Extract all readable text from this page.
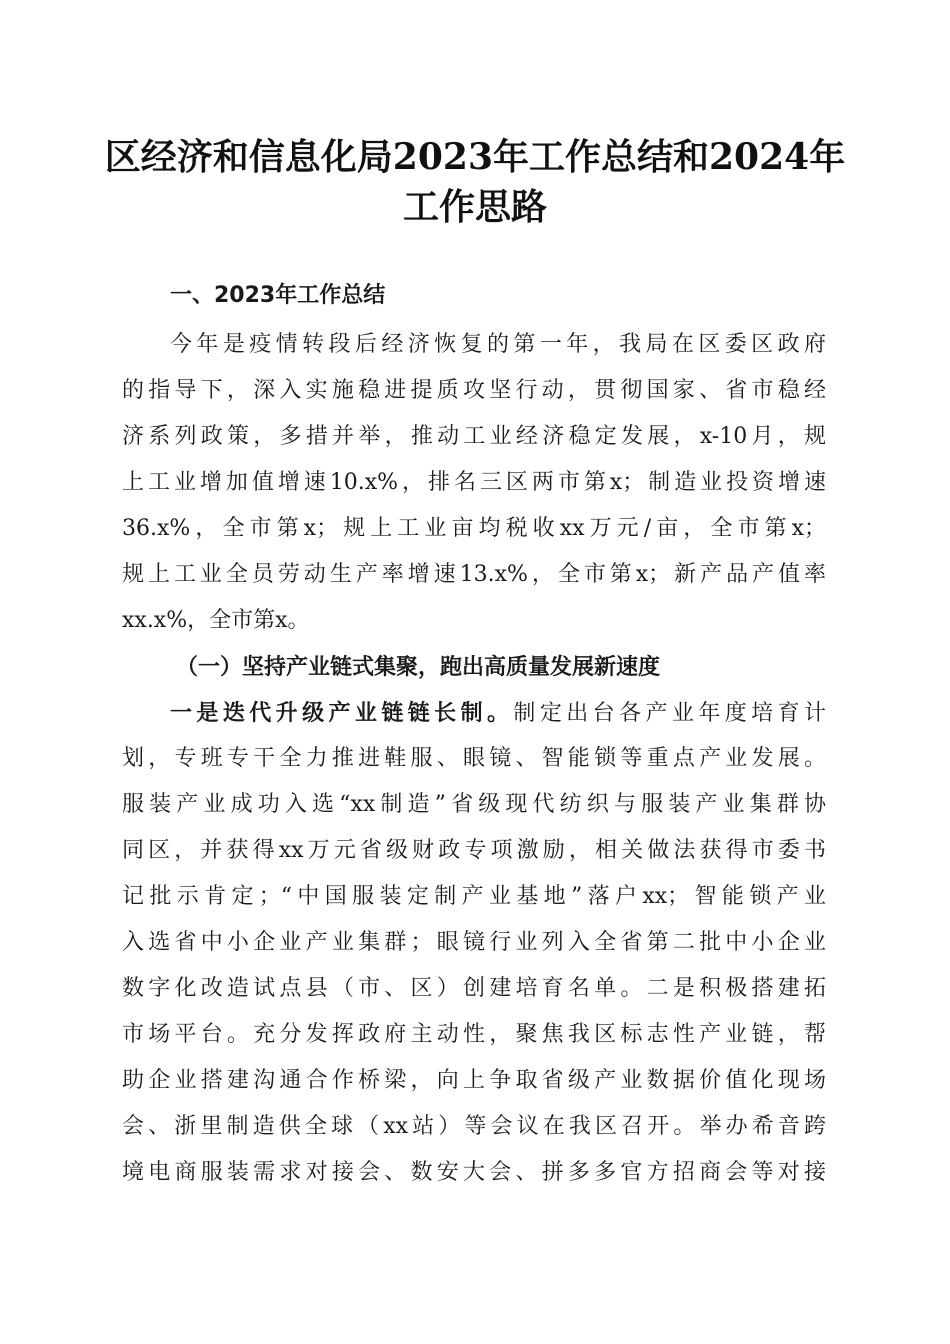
区经济和信息化局2023年工作总结和2024年
工作思路
一、2023年工作总结
今年是疫情转段后经济恢复的第一年，我局在区委区政府
的指导下，深入实施稳进提质攻坚行动，贯彻国家、省市稳经
济系列政策，多措并举，推动工业经济稳定发展，x-10月，规
上工业增加值增速10.x%，排名三区两市第x；制造业投资增速
36.x%，全市第x；规上工业亩均税收xx万元/亩，全市第x；
规上工业全员劳动生产率增速13.x%，全市第x；新产品产值率
xx.x%，全市第x。
（一）坚持产业链式集聚，跑出高质量发展新速度
一是迭代升级产业链链长制。制定出台各产业年度培育计
划，专班专干全力推进鞋服、眼镜、智能锁等重点产业发展。
服装产业成功入选“xx制造”省级现代纺织与服装产业集群协
同区，并获得xx万元省级财政专项激励，相关做法获得市委书
记批示肯定；“中国服装定制产业基地”落户xx；智能锁产业
入选省中小企业产业集群；眼镜行业列入全省第二批中小企业
数字化改造试点县（市、区）创建培育名单。二是积极搭建拓
市场平台。充分发挥政府主动性，聚焦我区标志性产业链，帮
助企业搭建沟通合作桥梁，向上争取省级产业数据价值化现场
会、浙里制造供全球（xx站）等会议在我区召开。举办希音跨
境电商服装需求对接会、数安大会、拼多多官方招商会等对接
